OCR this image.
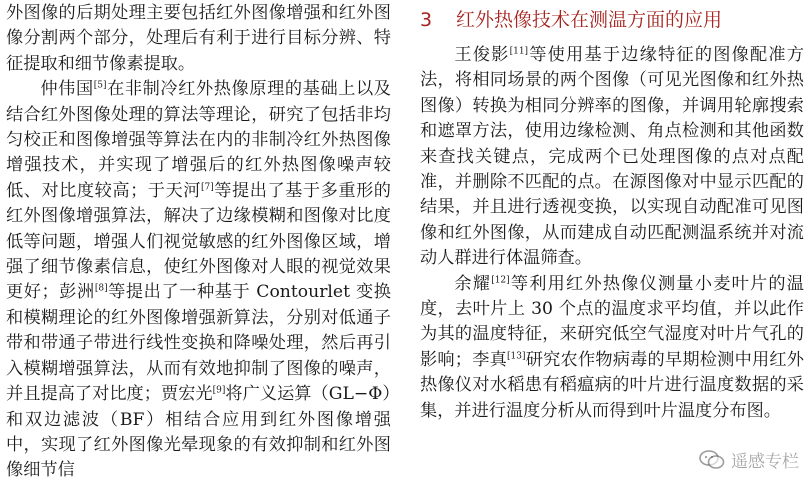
外图像的后期处理主要包括红外图像增强和红外图像分割两个部分，处理后有利于进行目标分辨、特征提取和细节像素提取。

仲伟国[5]在非制冷红外热像原理的基础上以及结合红外图像处理的算法等理论，研究了包括非均匀校正和图像增强等算法在内的非制冷红外热图像增强技术，并实现了增强后的红外热图像噪声较低、对比度较高；于天河[7]等提出了基于多重形的红外图像增强算法，解决了边缘模糊和图像对比度低等问题，增强人们视觉敏感的红外图像区域，增强了细节像素信息，使红外图像对人眼的视觉效果更好；彭洲[8]等提出了一种基于 Contourlet 变换和模糊理论的红外图像增强新算法，分别对低通子带和带通子带进行线性变换和降噪处理，然后再引入模糊增强算法，从而有效地抑制了图像的噪声，并且提高了对比度；贾宏光[9]将广义运算（GL−Φ）和双边滤波（BF）相结合应用到红外图像增强中，实现了红外图像光晕现象的有效抑制和红外图像细节信

3 红外热像技术在测温方面的应用

王俊影[11]等使用基于边缘特征的图像配准方法，将相同场景的两个图像（可见光图像和红外热图像）转换为相同分辨率的图像，并调用轮廓搜索和遮罩方法，使用边缘检测、角点检测和其他函数来查找关键点，完成两个已处理图像的点对点配准，并删除不匹配的点。在源图像对中显示匹配的结果，并且进行透视变换，以实现自动配准可见图像和红外图像，从而建成自动匹配测温系统并对流动人群进行体温筛查。

余耀[12]等利用红外热像仪测量小麦叶片的温度，去叶片上 30 个点的温度求平均值，并以此作为其的温度特征，来研究低空气湿度对叶片气孔的影响；李真[13]研究农作物病毒的早期检测中用红外热像仪对水稻患有稻瘟病的叶片进行温度数据的采集，并进行温度分析从而得到叶片温度分布图。

遥感专栏
